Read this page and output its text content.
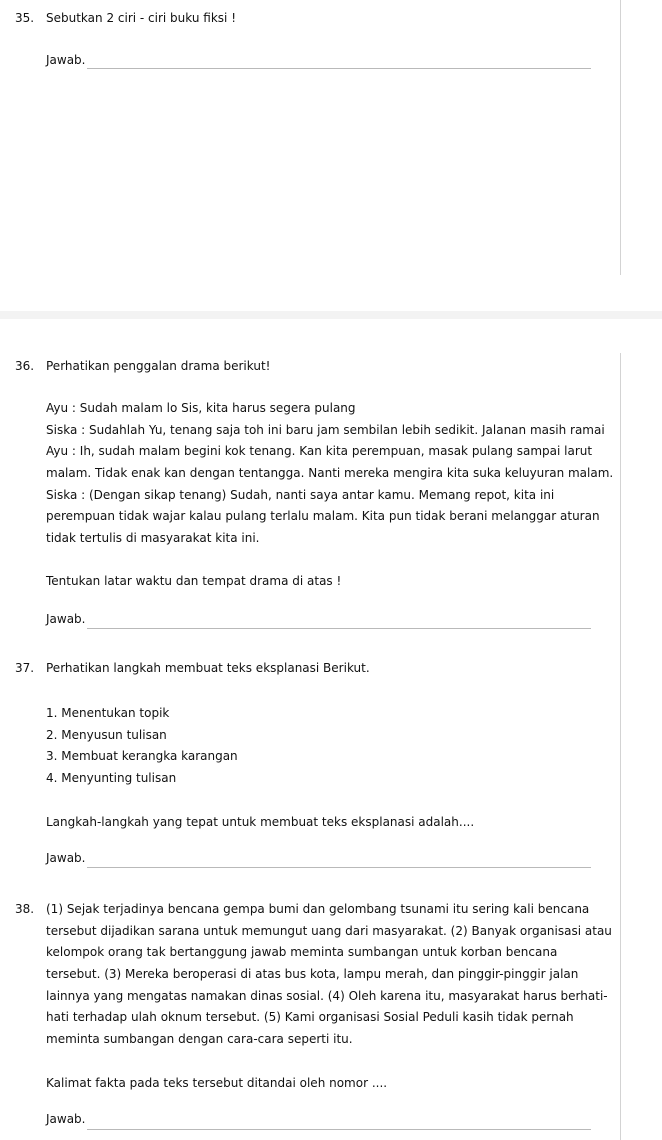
35. Sebutkan 2 ciri - ciri buku fiksi !
Jawab.
36. Perhatikan penggalan drama berikut!
Ayu : Sudah malam lo Sis, kita harus segera pulang
Siska : Sudahlah Yu, tenang saja toh ini baru jam sembilan lebih sedikit. Jalanan masih ramai
Ayu : Ih, sudah malam begini kok tenang. Kan kita perempuan, masak pulang sampai larut
malam. Tidak enak kan dengan tentangga. Nanti mereka mengira kita suka keluyuran malam.
Siska : (Dengan sikap tenang) Sudah, nanti saya antar kamu. Memang repot, kita ini
perempuan tidak wajar kalau pulang terlalu malam. Kita pun tidak berani melanggar aturan
tidak tertulis di masyarakat kita ini.
Tentukan latar waktu dan tempat drama di atas !
Jawab.
37. Perhatikan langkah membuat teks eksplanasi Berikut.
1. Menentukan topik
2. Menyusun tulisan
3. Membuat kerangka karangan
4. Menyunting tulisan
Langkah-langkah yang tepat untuk membuat teks eksplanasi adalah....
Jawab.
38. (1) Sejak terjadinya bencana gempa bumi dan gelombang tsunami itu sering kali bencana
tersebut dijadikan sarana untuk memungut uang dari masyarakat. (2) Banyak organisasi atau
kelompok orang tak bertanggung jawab meminta sumbangan untuk korban bencana
tersebut. (3) Mereka beroperasi di atas bus kota, lampu merah, dan pinggir-pinggir jalan
lainnya yang mengatas namakan dinas sosial. (4) Oleh karena itu, masyarakat harus berhati-
hati terhadap ulah oknum tersebut. (5) Kami organisasi Sosial Peduli kasih tidak pernah
meminta sumbangan dengan cara-cara seperti itu.
Kalimat fakta pada teks tersebut ditandai oleh nomor ....
Jawab.
